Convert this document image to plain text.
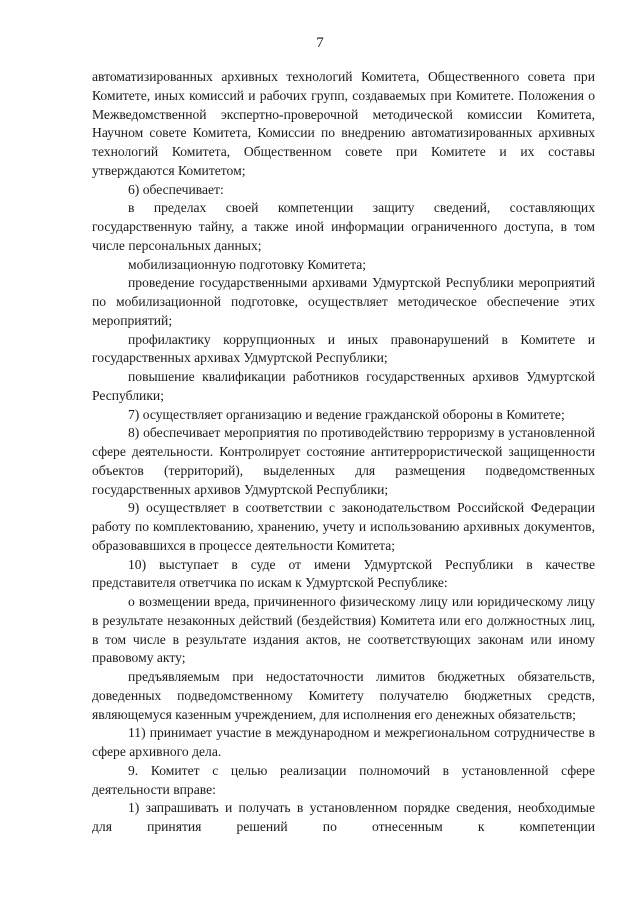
7

автоматизированных архивных технологий Комитета, Общественного совета при Комитете, иных комиссий и рабочих групп, создаваемых при Комитете. Положения о Межведомственной экспертно-проверочной методической комиссии Комитета, Научном совете Комитета, Комиссии по внедрению автоматизированных архивных технологий Комитета, Общественном совете при Комитете и их составы утверждаются Комитетом;

6) обеспечивает:

в пределах своей компетенции защиту сведений, составляющих государственную тайну, а также иной информации ограниченного доступа, в том числе персональных данных;

мобилизационную подготовку Комитета;

проведение государственными архивами Удмуртской Республики мероприятий по мобилизационной подготовке, осуществляет методическое обеспечение этих мероприятий;

профилактику коррупционных и иных правонарушений в Комитете и государственных архивах Удмуртской Республики;

повышение квалификации работников государственных архивов Удмуртской Республики;

7) осуществляет организацию и ведение гражданской обороны в Комитете;

8) обеспечивает мероприятия по противодействию терроризму в установленной сфере деятельности. Контролирует состояние антитеррористической защищенности объектов (территорий), выделенных для размещения подведомственных государственных архивов Удмуртской Республики;

9) осуществляет в соответствии с законодательством Российской Федерации работу по комплектованию, хранению, учету и использованию архивных документов, образовавшихся в процессе деятельности Комитета;

10) выступает в суде от имени Удмуртской Республики в качестве представителя ответчика по искам к Удмуртской Республике:

о возмещении вреда, причиненного физическому лицу или юридическому лицу в результате незаконных действий (бездействия) Комитета или его должностных лиц, в том числе в результате издания актов, не соответствующих законам или иному правовому акту;

предъявляемым при недостаточности лимитов бюджетных обязательств, доведенных подведомственному Комитету получателю бюджетных средств, являющемуся казенным учреждением, для исполнения его денежных обязательств;

11) принимает участие в международном и межрегиональном сотрудничестве в сфере архивного дела.

9. Комитет с целью реализации полномочий в установленной сфере деятельности вправе:

1) запрашивать и получать в установленном порядке сведения, необходимые для принятия решений по отнесенным к компетенции
